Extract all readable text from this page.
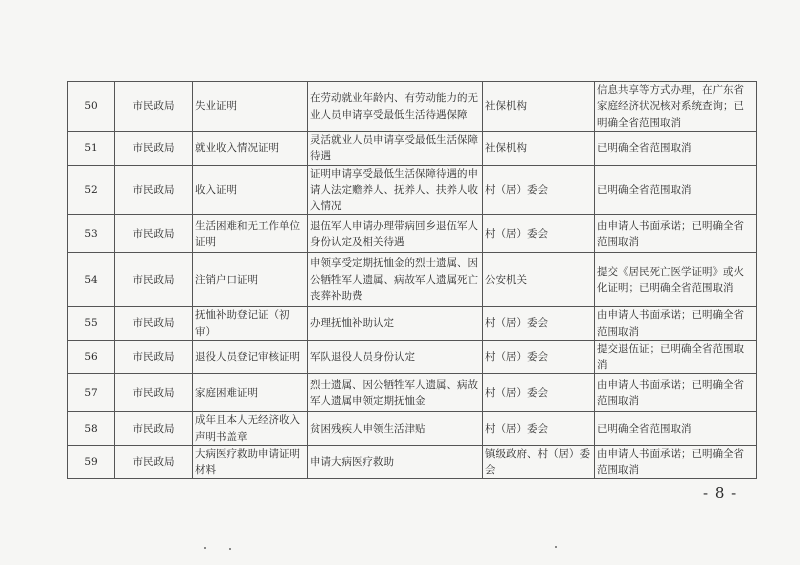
50	市民政局	失业证明	在劳动就业年龄内、有劳动能力的无业人员申请享受最低生活待遇保障	社保机构	信息共享等方式办理，在广东省家庭经济状况核对系统查询；已明确全省范围取消
51	市民政局	就业收入情况证明	灵活就业人员申请享受最低生活保障待遇	社保机构	已明确全省范围取消
52	市民政局	收入证明	证明申请享受最低生活保障待遇的申请人法定赡养人、抚养人、扶养人收入情况	村（居）委会	已明确全省范围取消
53	市民政局	生活困难和无工作单位证明	退伍军人申请办理带病回乡退伍军人身份认定及相关待遇	村（居）委会	由申请人书面承诺；已明确全省范围取消
54	市民政局	注销户口证明	申领享受定期抚恤金的烈士遗属、因公牺牲军人遗属、病故军人遗属死亡丧葬补助费	公安机关	提交《居民死亡医学证明》或火化证明；已明确全省范围取消
55	市民政局	抚恤补助登记证（初审）	办理抚恤补助认定	村（居）委会	由申请人书面承诺；已明确全省范围取消
56	市民政局	退役人员登记审核证明	军队退役人员身份认定	村（居）委会	提交退伍证；已明确全省范围取消
57	市民政局	家庭困难证明	烈士遗属、因公牺牲军人遗属、病故军人遗属申领定期抚恤金	村（居）委会	由申请人书面承诺；已明确全省范围取消
58	市民政局	成年且本人无经济收入声明书盖章	贫困残疾人申领生活津贴	村（居）委会	已明确全省范围取消
59	市民政局	大病医疗救助申请证明材料	申请大病医疗救助	镇级政府、村（居）委会	由申请人书面承诺；已明确全省范围取消
- 8 -
